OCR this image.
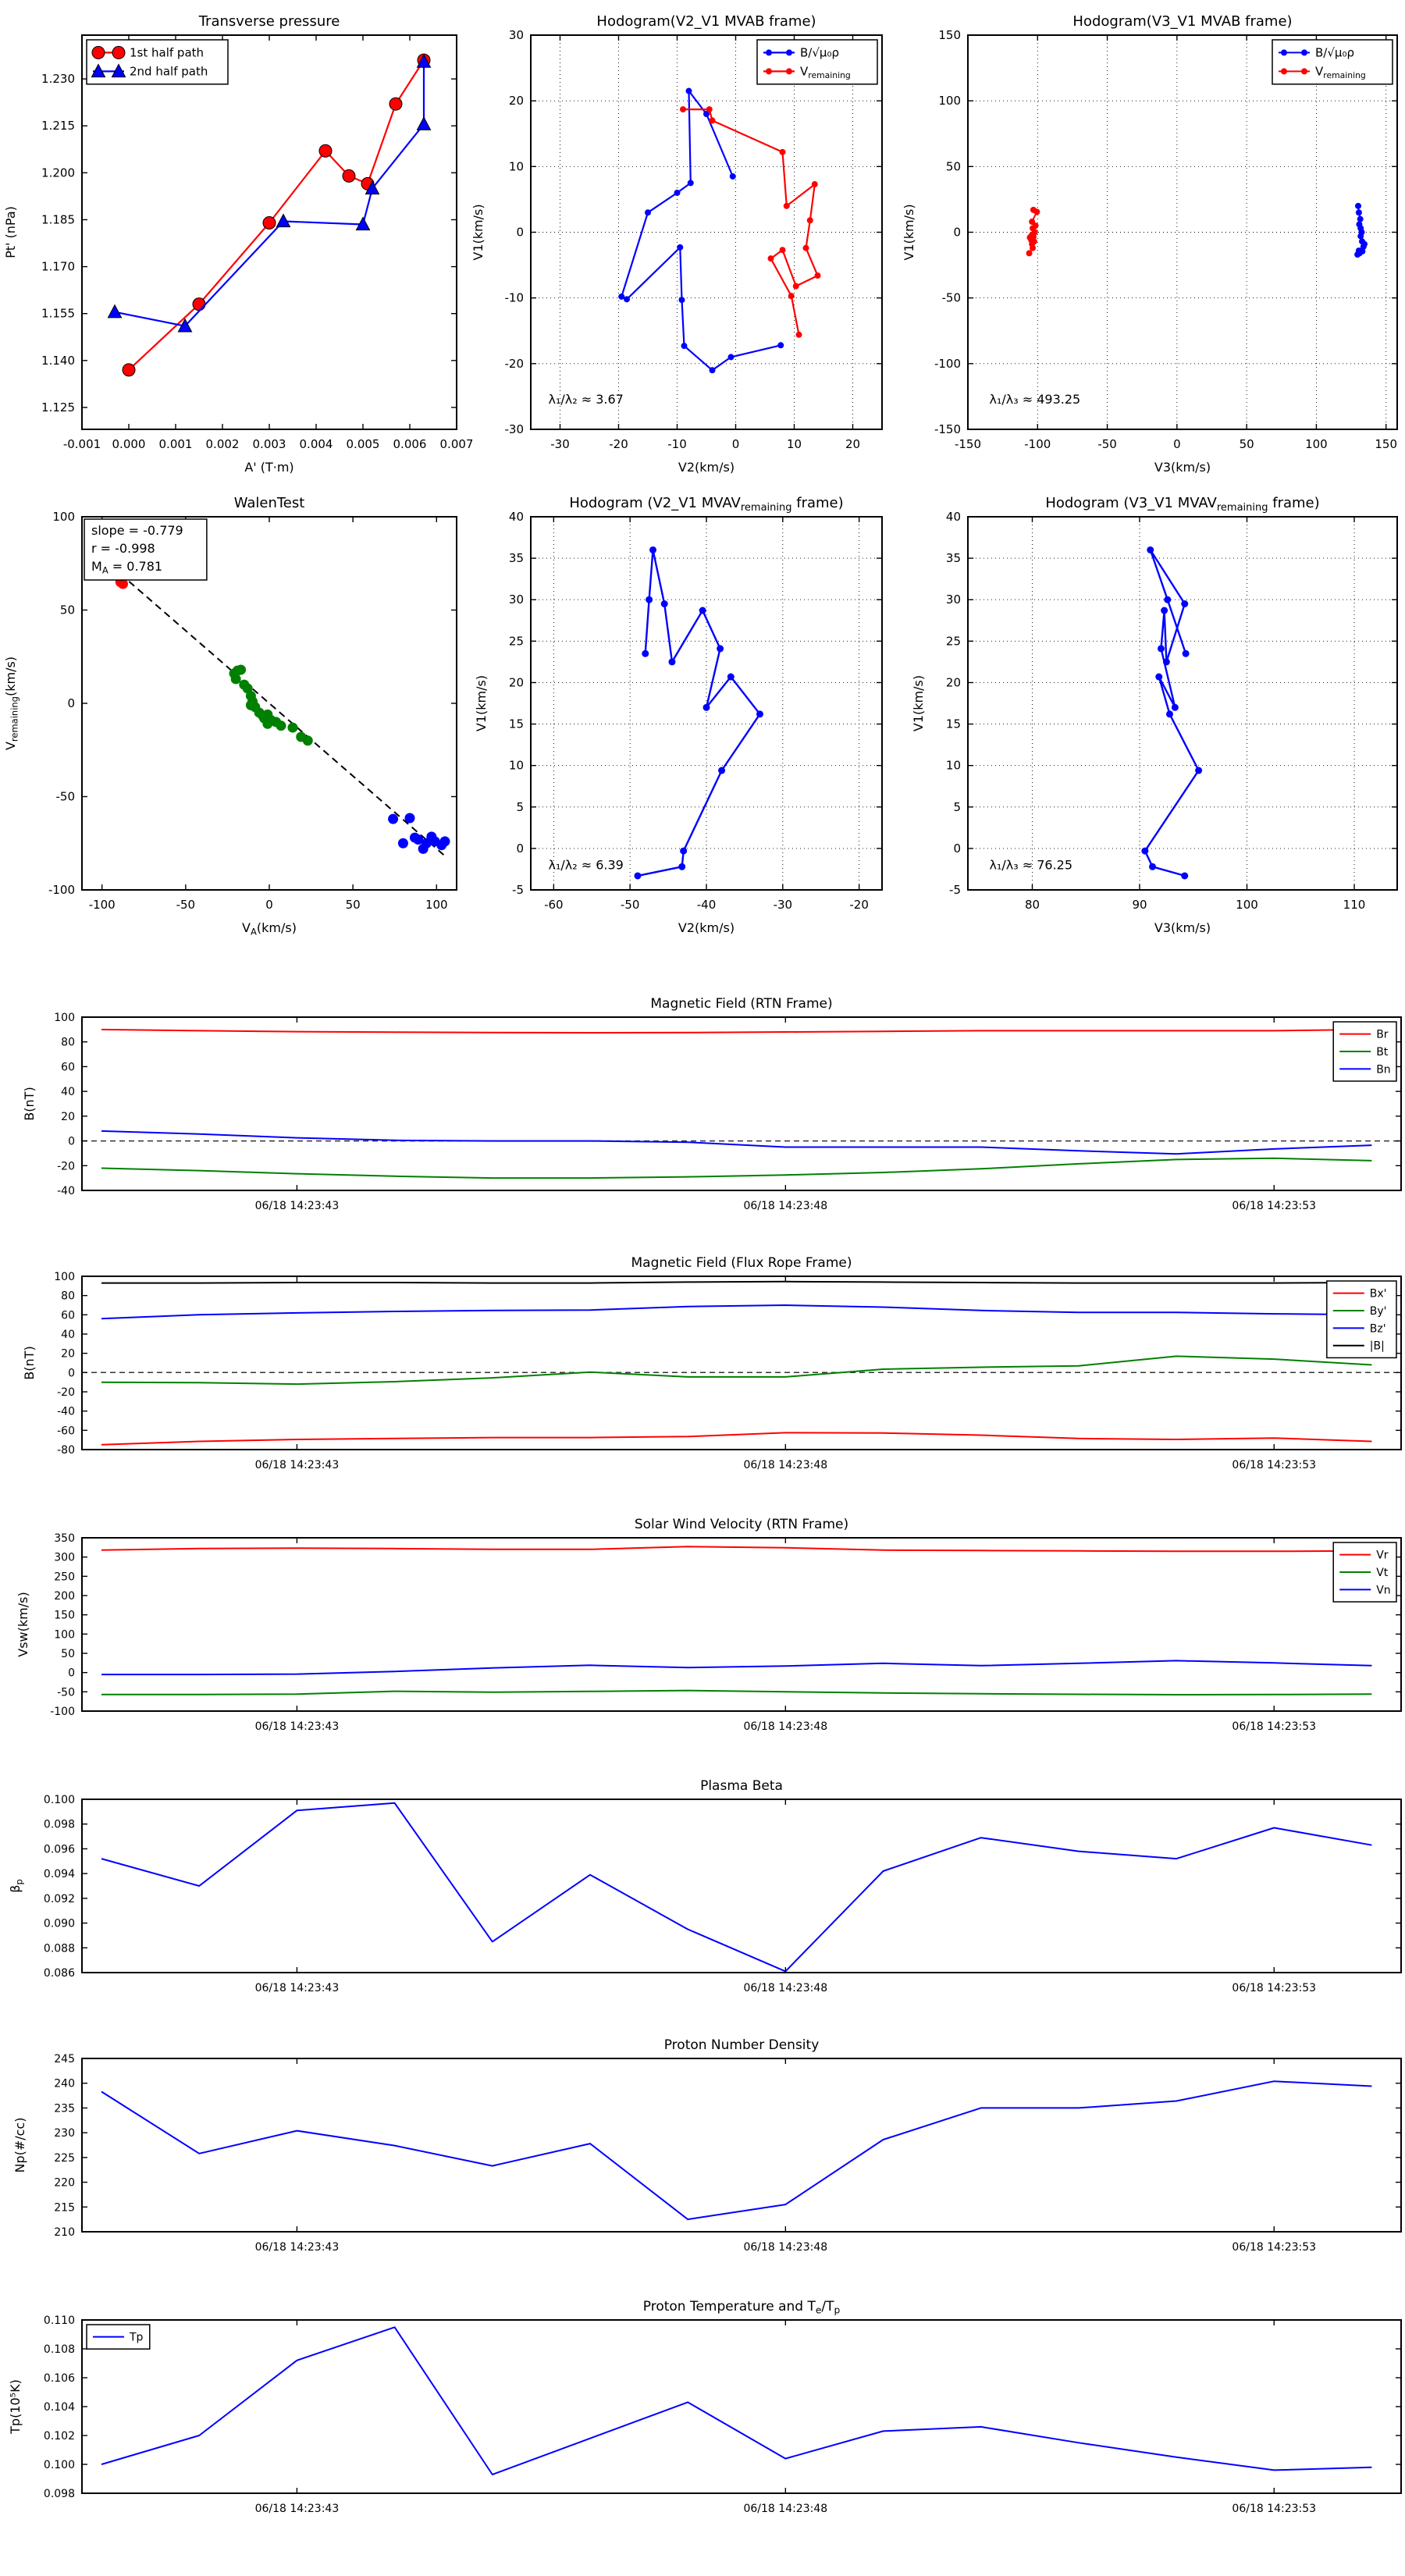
-0.001 0.000 0.001 0.002 0.003 0.004 0.005 0.006 0.007
1.125
1.140
1.155
1.170
1.185
1.200
1.215
1.230
Transverse pressure
A' (T·m)
Pt' (nPa)
1st half path
2nd half path
-30	-20	-10	0	10	20
-30
-20
-10
0
10
20
30
Hodogram(V2_V1 MVAB frame)
V2(km/s)
V1(km/s)
B/√μ₀ρ
$V_{remaining}$
λ₁/λ₂ ≈ 3.67
-150	-100	-50	0	50	100	150
-150
-100
-50
0
50
100
150
Hodogram(V3_V1 MVAB frame)
V3(km/s)
V1(km/s)
B/√μ₀ρ
$V_{remaining}$
λ₁/λ₃ ≈ 493.25
-100	-50	0	50	100
-100
-50
0
50
100
WalenTest
$V_A(km/s)$
$V_{remaining}(km/s)$
slope = -0.779
r = -0.998
$M_A = 0.781$
-60	-50	-40	-30	-20
-5
0
5
10
15
20
25
30
35
40
Hodogram (V2_V1 $MVAV_{remaining}$ frame)
V2(km/s)
V1(km/s)
λ₁/λ₂ ≈ 6.39
80	90	100	110
-5
0
5
10
15
20
25
30
35
40
Hodogram (V3_V1 $MVAV_{remaining}$ frame)
V3(km/s)
V1(km/s)
λ₁/λ₃ ≈ 76.25
06/18 14:23:43	06/18 14:23:48	06/18 14:23:53
-40
-20
0
20
40
60
80
100
Magnetic Field (RTN Frame)
B(nT)
Br
Bt
Bn
06/18 14:23:43	06/18 14:23:48	06/18 14:23:53
-80
-60
-40
-20
0
20
40
60
80
100
Magnetic Field (Flux Rope Frame)
B(nT)
Bx'
By'
Bz'
|B|
06/18 14:23:43	06/18 14:23:48	06/18 14:23:53
-100
-50
0
50
100
150
200
250
300
350
Solar Wind Velocity (RTN Frame)
Vsw(km/s)
Vr
Vt
Vn
06/18 14:23:43	06/18 14:23:48	06/18 14:23:53
0.086
0.088
0.090
0.092
0.094
0.096
0.098
0.100
Plasma Beta
$\beta_p$
06/18 14:23:43	06/18 14:23:48	06/18 14:23:53
210
215
220
225
230
235
240
245
Proton Number Density
Np(#/cc)
06/18 14:23:43	06/18 14:23:48	06/18 14:23:53
0.098
0.100
0.102
0.104
0.106
0.108
0.110
Proton Temperature and $T_e/T_p$
Tp(10⁵K)
Tp
